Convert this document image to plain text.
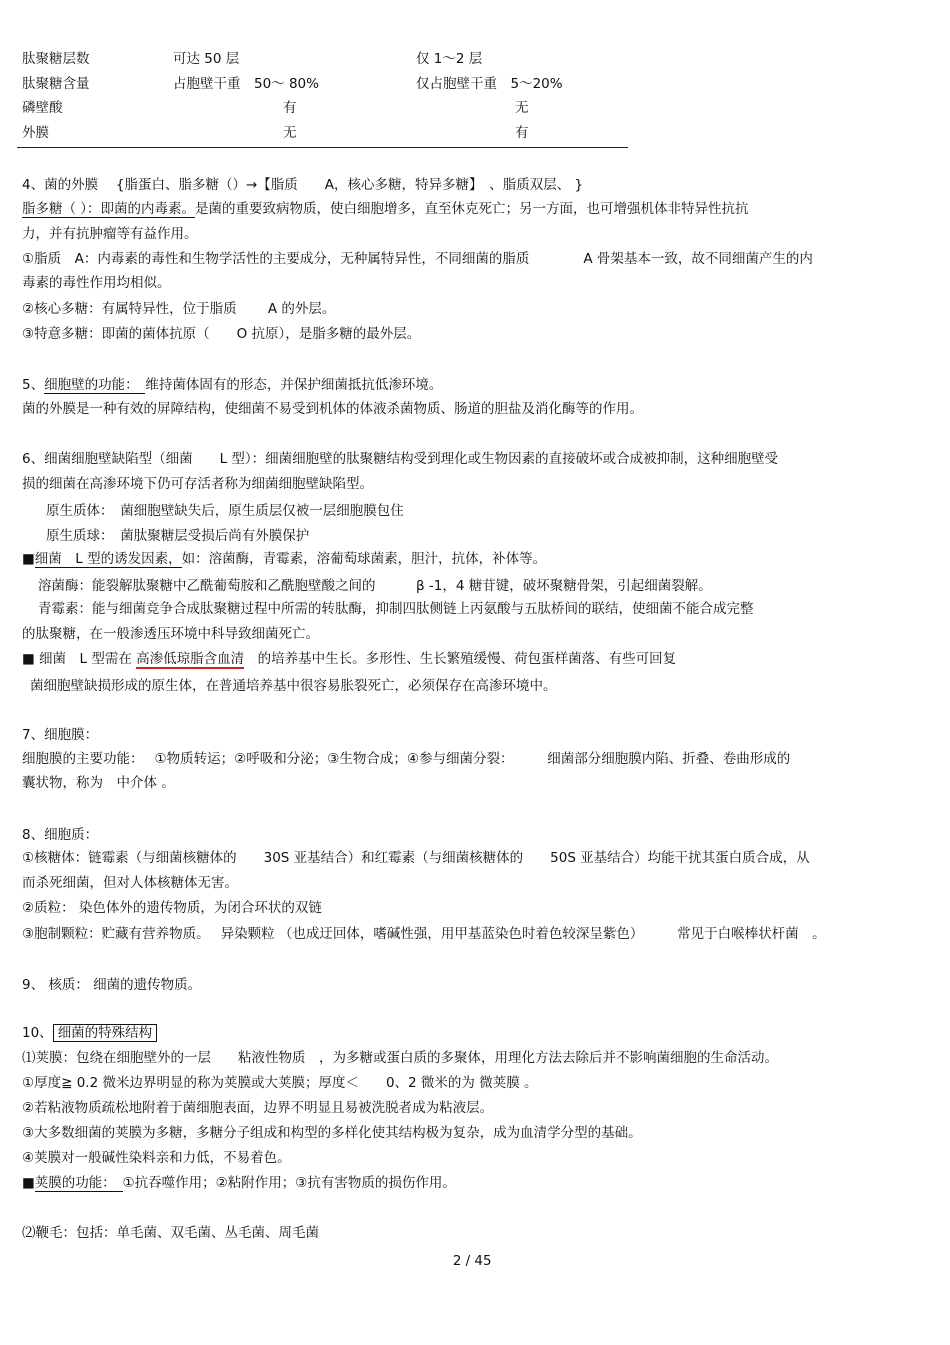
肽聚糖层数	可达 50 层	仅 1～2 层
肽聚糖含量	占胞壁干重　50～ 80%	仅占胞壁干重　5～20%
磷壁酸	有	无
外膜	无	有
4、菌的外膜　 {脂蛋白、脂多糖（）→【脂质　　A，核心多糖，特异多糖】　、脂质双层、 }
脂多糖（ ）：即菌的内毒素。是菌的重要致病物质，使白细胞增多，直至休克死亡；另一方面，也可增强机体非特异性抗抗
力，并有抗肿瘤等有益作用。
①脂质　A：内毒素的毒性和生物学活性的主要成分，无种属特异性，不同细菌的脂质　　　　A 骨架基本一致，故不同细菌产生的内
毒素的毒性作用均相似。
②核心多糖：有属特异性，位于脂质　　 A 的外层。
③特意多糖：即菌的菌体抗原（　　O 抗原），是脂多糖的最外层。
5、细胞壁的功能：　维持菌体固有的形态，并保护细菌抵抗低渗环境。
菌的外膜是一种有效的屏障结构，使细菌不易受到机体的体液杀菌物质、肠道的胆盐及消化酶等的作用。
6、细菌细胞壁缺陷型（细菌　　L 型）：细菌细胞壁的肽聚糖结构受到理化或生物因素的直接破坏或合成被抑制，这种细胞壁受
损的细菌在高渗环境下仍可存活者称为细菌细胞壁缺陷型。
原生质体：　菌细胞壁缺失后，原生质层仅被一层细胞膜包住
原生质球：　菌肽聚糖层受损后尚有外膜保护
■细菌　L 型的诱发因素，如：溶菌酶，青霉素，溶葡萄球菌素，胆汁，抗体，补体等。
溶菌酶：能裂解肽聚糖中乙酰葡萄胺和乙酰胞壁酸之间的　　　β -1，4 糖苷键，破坏聚糖骨架，引起细菌裂解。
青霉素：能与细菌竞争合成肽聚糖过程中所需的转肽酶，抑制四肽侧链上丙氨酸与五肽桥间的联结，使细菌不能合成完整
的肽聚糖，在一般渗透压环境中科导致细菌死亡。
■ 细菌　L 型需在 高渗低琼脂含血清　的培养基中生长。多形性、生长繁殖缓慢、荷包蛋样菌落、有些可回复
菌细胞壁缺损形成的原生体，在普通培养基中很容易胀裂死亡，必须保存在高渗环境中。
7、细胞膜：
细胞膜的主要功能：　 ①物质转运；②呼吸和分泌；③生物合成；④参与细菌分裂：　　　细菌部分细胞膜内陷、折叠、卷曲形成的
囊状物，称为　中介体 。
8、细胞质：
①核糖体：链霉素（与细菌核糖体的　　30S 亚基结合）和红霉素（与细菌核糖体的　　50S 亚基结合）均能干扰其蛋白质合成，从
而杀死细菌，但对人体核糖体无害。
②质粒： 染色体外的遗传物质，为闭合环状的双链
③胞制颗粒：贮藏有营养物质。　 异染颗粒 （也成迂回体，嗜碱性强，用甲基蓝染色时着色较深呈紫色）　　　常见于白喉棒状杆菌　。
9、 核质： 细菌的遗传物质。
10、 细菌的特殊结构
⑴荚膜：包绕在细胞壁外的一层　　粘液性物质　，为多糖或蛋白质的多聚体，用理化方法去除后并不影响菌细胞的生命活动。
①厚度≧ 0.2 微米边界明显的称为荚膜或大荚膜；厚度＜　　0、2 微米的为 微荚膜 。
②若粘液物质疏松地附着于菌细胞表面，边界不明显且易被洗脱者成为粘液层。
③大多数细菌的荚膜为多糖，多糖分子组成和构型的多样化使其结构极为复杂，成为血清学分型的基础。
④荚膜对一般碱性染料亲和力低，不易着色。
■荚膜的功能：　①抗吞噬作用；②粘附作用；③抗有害物质的损伤作用。
⑵鞭毛：包括：单毛菌、双毛菌、丛毛菌、周毛菌
2 / 45
